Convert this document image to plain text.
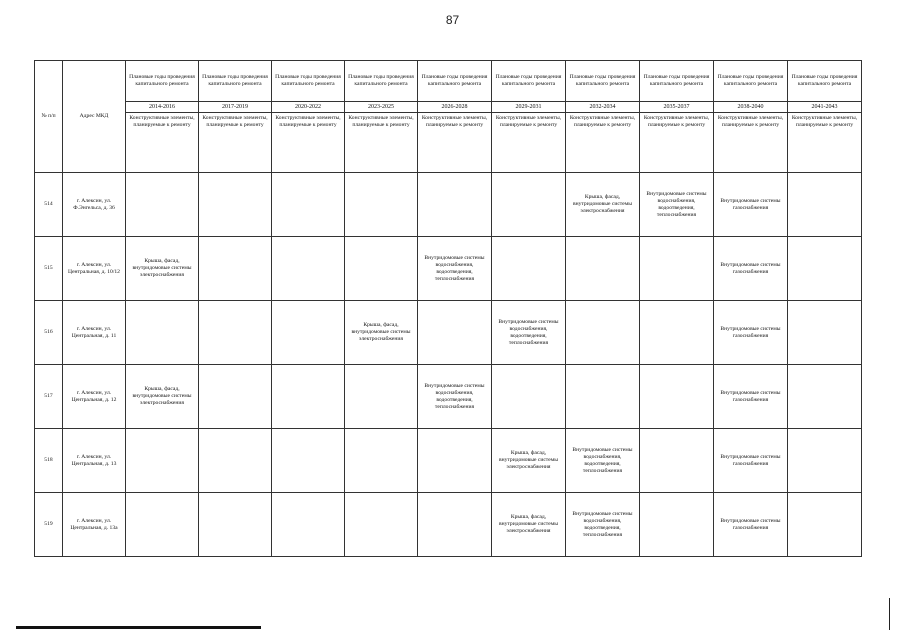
87
№ п/п	Адрес МКД	Плановые годы проведения капитального ремонта	Плановые годы проведения капитального ремонта	Плановые годы проведения капитального ремонта	Плановые годы проведения капитального ремонта	Плановые годы проведения капитального ремонта	Плановые годы проведения капитального ремонта	Плановые годы проведения капитального ремонта	Плановые годы проведения капитального ремонта	Плановые годы проведения капитального ремонта	Плановые годы проведения капитального ремонта
		2014-2016	2017-2019	2020-2022	2023-2025	2026-2028	2029-2031	2032-2034	2035-2037	2038-2040	2041-2043
		Конструктивные элементы, планируемые к ремонту	Конструктивные элементы, планируемые к ремонту	Конструктивные элементы, планируемые к ремонту	Конструктивные элементы, планируемые к ремонту	Конструктивные элементы, планируемые к ремонту	Конструктивные элементы, планируемые к ремонту	Конструктивные элементы, планируемые к ремонту	Конструктивные элементы, планируемые к ремонту	Конструктивные элементы, планируемые к ремонту	Конструктивные элементы, планируемые к ремонту
514	г. Алексин, ул. Ф.Энгельса, д. 36							Крыша, фасад, внутридомовые системы электроснабжения	Внутридомовые системы водоснабжения, водоотведения, теплоснабжения	Внутридомовые системы газоснабжения	
515	г. Алексин, ул. Центральная, д. 10/12	Крыша, фасад, внутридомовые системы электроснабжения				Внутридомовые системы водоснабжения, водоотведения, теплоснабжения				Внутридомовые системы газоснабжения	
516	г. Алексин, ул. Центральная, д. 11				Крыша, фасад, внутридомовые системы электроснабжения		Внутридомовые системы водоснабжения, водоотведения, теплоснабжения			Внутридомовые системы газоснабжения	
517	г. Алексин, ул. Центральная, д. 12	Крыша, фасад, внутридомовые системы электроснабжения				Внутридомовые системы водоснабжения, водоотведения, теплоснабжения				Внутридомовые системы газоснабжения	
518	г. Алексин, ул. Центральная, д. 13						Крыша, фасад, внутридомовые системы электроснабжения	Внутридомовые системы водоснабжения, водоотведения, теплоснабжения		Внутридомовые системы газоснабжения	
519	г. Алексин, ул. Центральная, д. 13а						Крыша, фасад, внутридомовые системы электроснабжения	Внутридомовые системы водоснабжения, водоотведения, теплоснабжения		Внутридомовые системы газоснабжения	
